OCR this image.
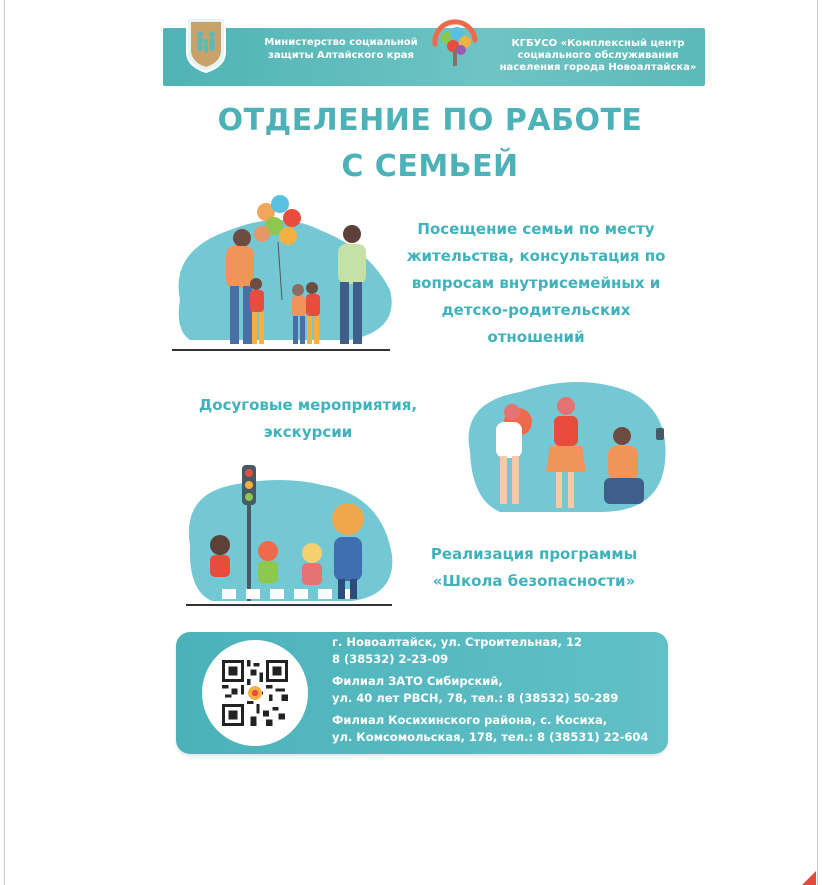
Министерство социальной защиты Алтайского края
КГБУСО «Комплексный центр социального обслуживания населения города Новоалтайска»
ОТДЕЛЕНИЕ ПО РАБОТЕ
С СЕМЬЕЙ
Посещение семьи по месту
жительства, консультация по
вопросам внутрисемейных и
детско-родительских
отношений
Досуговые мероприятия,
экскурсии
Реализация программы
«Школа безопасности»

г. Новоалтайск, ул. Строительная, 12

8 (38532) 2-23-09

Филиал ЗАТО Сибирский,

ул. 40 лет РВСН, 78, тел.: 8 (38532) 50-289

Филиал Косихинского района, с. Косиха,

ул. Комсомольская, 178, тел.: 8 (38531) 22-604
